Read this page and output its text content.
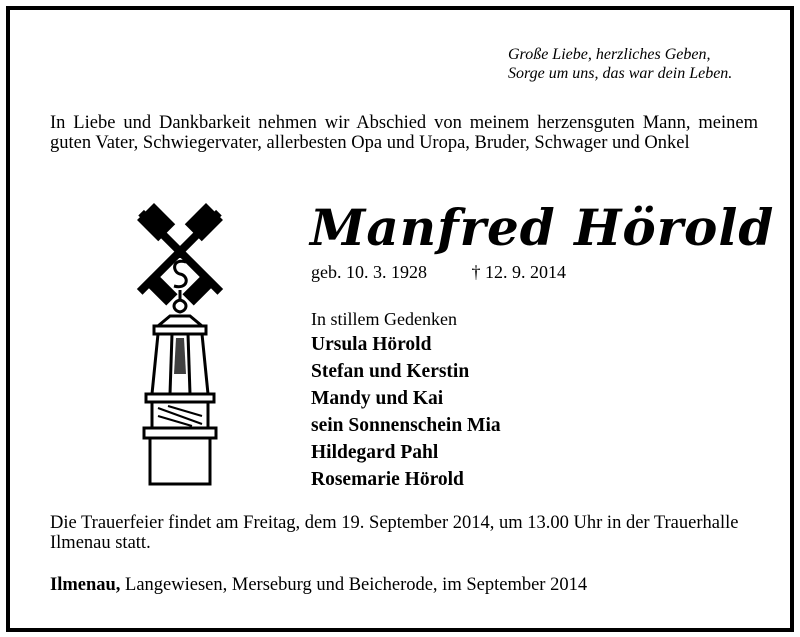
Große Liebe, herzliches Geben,
Sorge um uns, das war dein Leben.
In Liebe und Dankbarkeit nehmen wir Abschied von meinem herzensguten Mann, meinem guten Vater, Schwiegervater, allerbesten Opa und Uropa, Bruder, Schwager und Onkel
Manfred Hörold
geb. 10. 3. 1928 † 12. 9. 2014
In stillem Gedenken
Ursula Hörold
Stefan und Kerstin
Mandy und Kai
sein Sonnenschein Mia
Hildegard Pahl
Rosemarie Hörold
Die Trauerfeier findet am Freitag, dem 19. September 2014, um 13.00 Uhr in der Trauerhalle Ilmenau statt.
Ilmenau, Langewiesen, Merseburg und Beicherode, im September 2014
